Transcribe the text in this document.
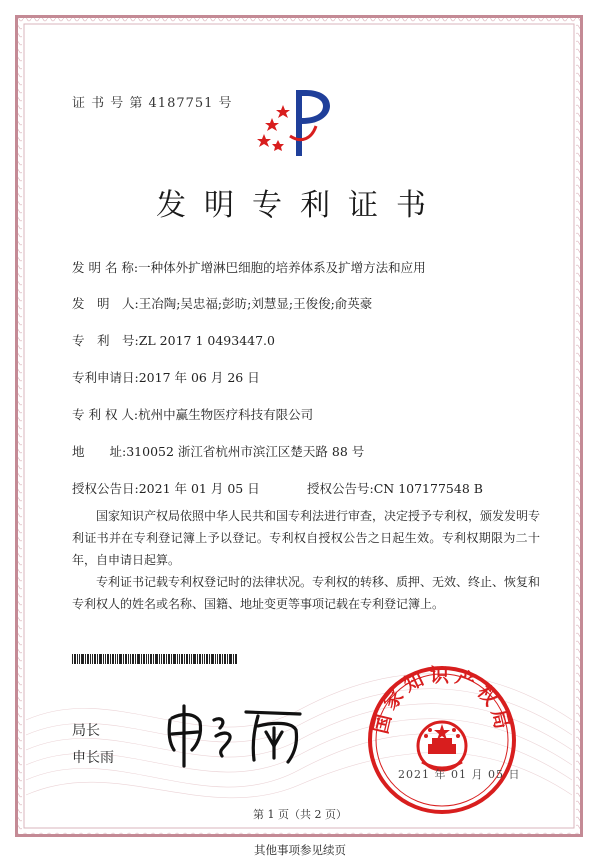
证 书 号 第 4187751 号
发明专利证书
发 明 名 称:一种体外扩增淋巴细胞的培养体系及扩增方法和应用
发　明　人:王冶陶;吴忠福;彭昉;刘慧显;王俊俊;俞英豪
专　利　号:ZL 2017 1 0493447.0
专利申请日:2017 年 06 月 26 日
专 利 权 人:杭州中赢生物医疗科技有限公司
地　　址:310052 浙江省杭州市滨江区楚天路 88 号
授权公告日:2021 年 01 月 05 日	授权公告号:CN 107177548 B
国家知识产权局依照中华人民共和国专利法进行审查，决定授予专利权，颁发发明专利证书并在专利登记簿上予以登记。专利权自授权公告之日起生效。专利权期限为二十年，自申请日起算。
专利证书记载专利权登记时的法律状况。专利权的转移、质押、无效、终止、恢复和专利权人的姓名或名称、国籍、地址变更等事项记载在专利登记簿上。
局长
申长雨
国家知识产权局
2021 年 01 月 05 日
第 1 页（共 2 页）
其他事项参见续页
